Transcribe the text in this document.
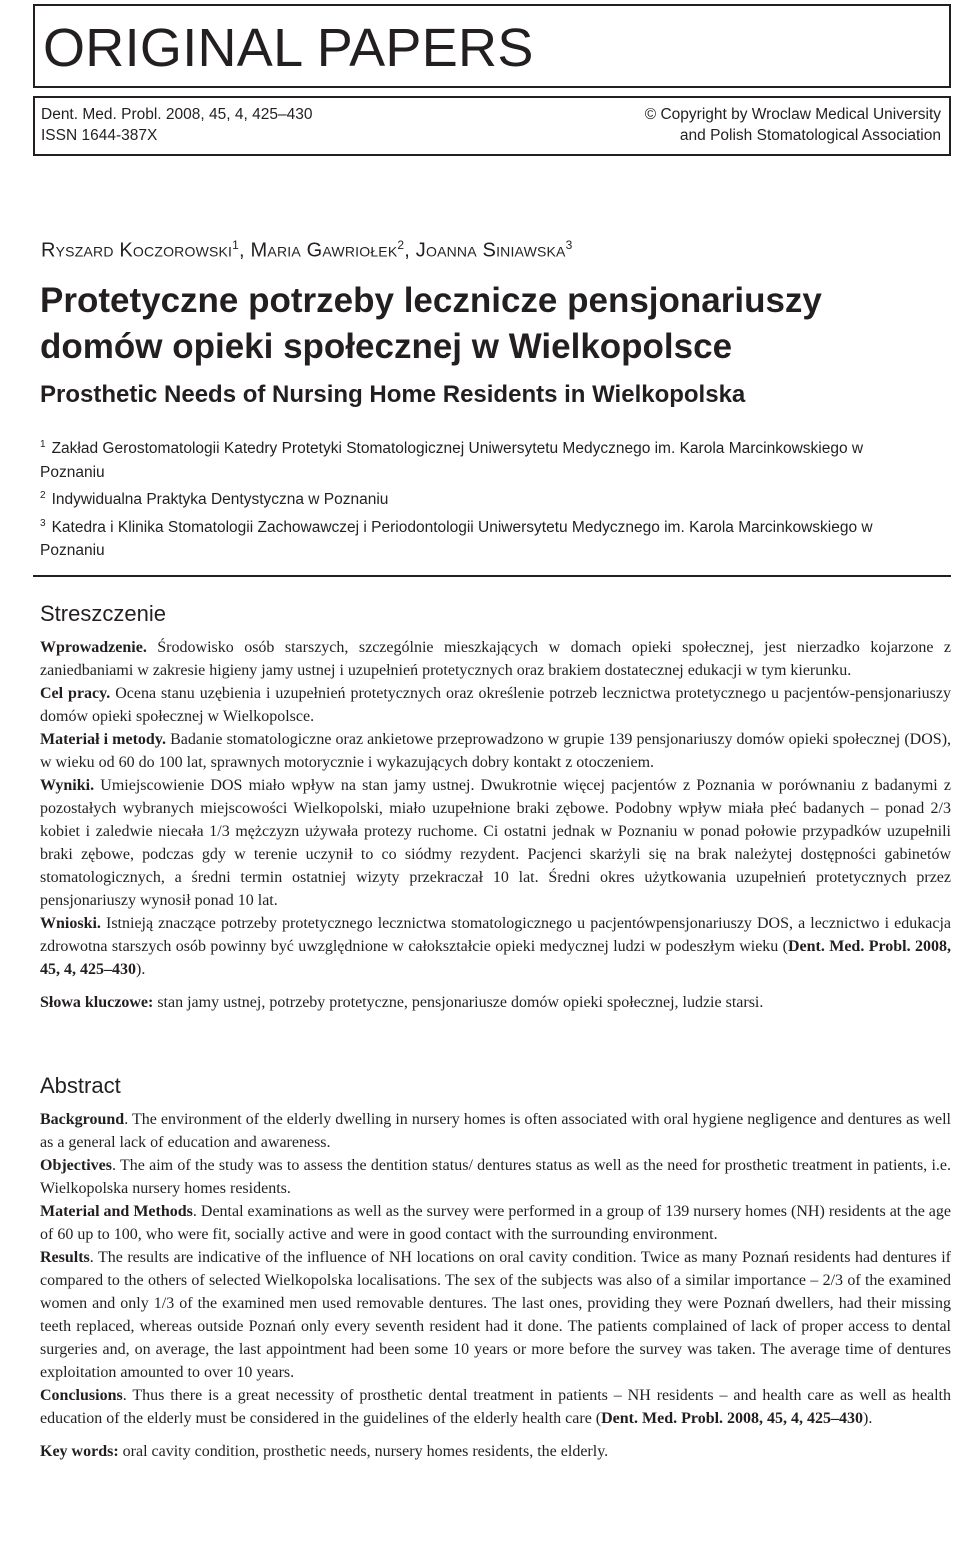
ORIGINAL PAPERS
Dent. Med. Probl. 2008, 45, 4, 425–430
ISSN 1644-387X
© Copyright by Wroclaw Medical University
and Polish Stomatological Association
Ryszard Koczorowski$^1$, Maria Gawriołek$^2$, Joanna Siniawska$^3$
Protetyczne potrzeby lecznicze pensjonariuszy domów opieki społecznej w Wielkopolsce
Prosthetic Needs of Nursing Home Residents in Wielkopolska

$^1$ Zakład Gerostomatologii Katedry Protetyki Stomatologicznej Uniwersytetu Medycznego im. Karola Marcinkowskiego w Poznaniu

$^2$ Indywidualna Praktyka Dentystyczna w Poznaniu

$^3$ Katedra i Klinika Stomatologii Zachowawczej i Periodontologii Uniwersytetu Medycznego im. Karola Marcinkowskiego w Poznaniu

Streszczenie

Wprowadzenie. Środowisko osób starszych, szczególnie mieszkających w domach opieki społecznej, jest nierzadko kojarzone z zaniedbaniami w zakresie higieny jamy ustnej i uzupełnień protetycznych oraz brakiem dostatecznej edukacji w tym kierunku.

Cel pracy. Ocena stanu uzębienia i uzupełnień protetycznych oraz określenie potrzeb lecznictwa protetycznego u pacjentów-pensjonariuszy domów opieki społecznej w Wielkopolsce.

Materiał i metody. Badanie stomatologiczne oraz ankietowe przeprowadzono w grupie 139 pensjonariuszy domów opieki społecznej (DOS), w wieku od 60 do 100 lat, sprawnych motorycznie i wykazujących dobry kontakt z otoczeniem.

Wyniki. Umiejscowienie DOS miało wpływ na stan jamy ustnej. Dwukrotnie więcej pacjentów z Poznania w porównaniu z badanymi z pozostałych wybranych miejscowości Wielkopolski, miało uzupełnione braki zębowe. Podobny wpływ miała płeć badanych – ponad 2/3 kobiet i zaledwie niecała 1/3 mężczyzn używała protezy ruchome. Ci ostatni jednak w Poznaniu w ponad połowie przypadków uzupełnili braki zębowe, podczas gdy w terenie uczynił to co siódmy rezydent. Pacjenci skarżyli się na brak należytej dostępności gabinetów stomatologicznych, a średni termin ostatniej wizyty przekraczał 10 lat. Średni okres użytkowania uzupełnień protetycznych przez pensjonariuszy wynosił ponad 10 lat.

Wnioski. Istnieją znaczące potrzeby protetycznego lecznictwa stomatologicznego u pacjentówpensjonariuszy DOS, a lecznictwo i edukacja zdrowotna starszych osób powinny być uwzględnione w całokształcie opieki medycznej ludzi w podeszłym wieku (Dent. Med. Probl. 2008, 45, 4, 425–430).

Słowa kluczowe: stan jamy ustnej, potrzeby protetyczne, pensjonariusze domów opieki społecznej, ludzie starsi.

Abstract

Background. The environment of the elderly dwelling in nursery homes is often associated with oral hygiene negligence and dentures as well as a general lack of education and awareness.

Objectives. The aim of the study was to assess the dentition status/ dentures status as well as the need for prosthetic treatment in patients, i.e. Wielkopolska nursery homes residents.

Material and Methods. Dental examinations as well as the survey were performed in a group of 139 nursery homes (NH) residents at the age of 60 up to 100, who were fit, socially active and were in good contact with the surrounding environment.

Results. The results are indicative of the influence of NH locations on oral cavity condition. Twice as many Poznań residents had dentures if compared to the others of selected Wielkopolska localisations. The sex of the subjects was also of a similar importance – 2/3 of the examined women and only 1/3 of the examined men used removable dentures. The last ones, providing they were Poznań dwellers, had their missing teeth replaced, whereas outside Poznań only every seventh resident had it done. The patients complained of lack of proper access to dental surgeries and, on average, the last appointment had been some 10 years or more before the survey was taken. The average time of dentures exploitation amounted to over 10 years.

Conclusions. Thus there is a great necessity of prosthetic dental treatment in patients – NH residents – and health care as well as health education of the elderly must be considered in the guidelines of the elderly health care (Dent. Med. Probl. 2008, 45, 4, 425–430).

Key words: oral cavity condition, prosthetic needs, nursery homes residents, the elderly.
